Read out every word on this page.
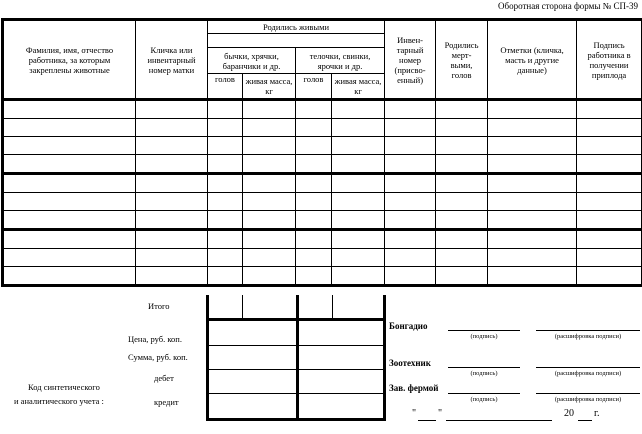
Оборотная сторона формы № СП-39
Фамилия, имя, отчество работника, за которым закреплены животные	Кличка или инвентарный номер матки	Родились живыми				Инвен-тарный номер (присво-енный)	Родились мерт-выми, голов	Отметки (кличка, масть и другие данные)	Подпись работника в получении приплода

		бычки, хрячки, баранчики и др.		телочки, свинки, ярочки и др.					
		голов	живая масса, кг	голов	живая масса, кг				

Итого
Цена, руб. коп.
Сумма, руб. коп.
дебет
кредит
Код синтетического
и аналитического учета :
Бонгадио
(подпись)	(расшифровка подписи)
Зоотехник
(подпись)	(расшифровка подписи)
Зав. фермой
(подпись)	(расшифровка подписи)
" "	20 г.
